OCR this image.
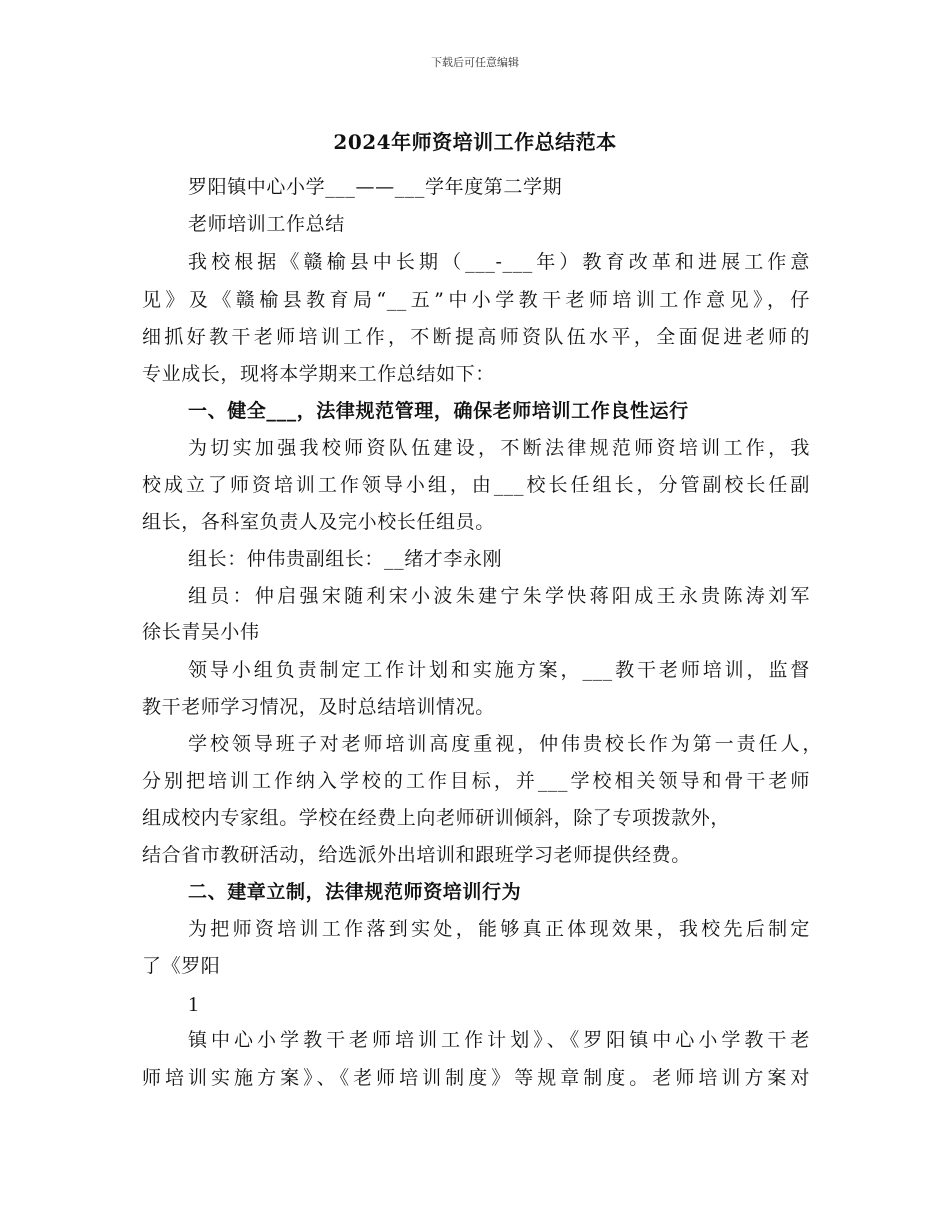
下载后可任意编辑
2024年师资培训工作总结范本
罗阳镇中心小学___——___学年度第二学期
老师培训工作总结
我校根据《赣榆县中长期（___-___年）教育改革和进展工作意
见》及《赣榆县教育局“__五”中小学教干老师培训工作意见》，仔
细抓好教干老师培训工作，不断提高师资队伍水平，全面促进老师的
专业成长，现将本学期来工作总结如下：
一、健全___，法律规范管理，确保老师培训工作良性运行
为切实加强我校师资队伍建设，不断法律规范师资培训工作，我
校成立了师资培训工作领导小组，由___校长任组长，分管副校长任副
组长，各科室负责人及完小校长任组员。
组长：仲伟贵副组长：__绪才李永刚
组员：仲启强宋随利宋小波朱建宁朱学快蒋阳成王永贵陈涛刘军
徐长青吴小伟
领导小组负责制定工作计划和实施方案，___教干老师培训，监督
教干老师学习情况，及时总结培训情况。
学校领导班子对老师培训高度重视，仲伟贵校长作为第一责任人，
分别把培训工作纳入学校的工作目标，并___学校相关领导和骨干老师
组成校内专家组。学校在经费上向老师研训倾斜，除了专项拨款外，
结合省市教研活动，给选派外出培训和跟班学习老师提供经费。
二、建章立制，法律规范师资培训行为
为把师资培训工作落到实处，能够真正体现效果，我校先后制定
了《罗阳
1
镇中心小学教干老师培训工作计划》、《罗阳镇中心小学教干老
师培训实施方案》、《老师培训制度》等规章制度。老师培训方案对
